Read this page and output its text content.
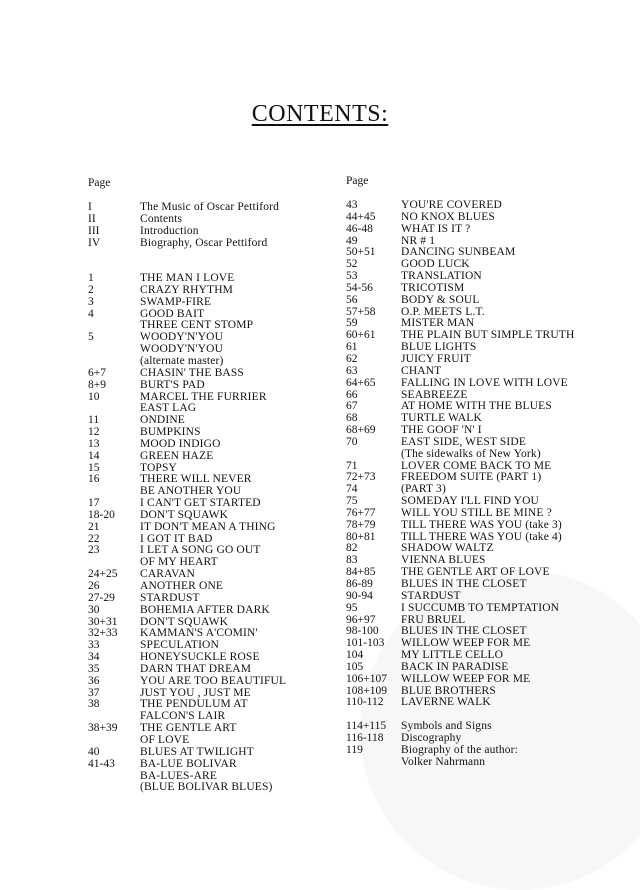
CONTENTS:
Page
I	The Music of Oscar Pettiford
II	Contents
III	Introduction
IV	Biography, Oscar Pettiford
1	THE MAN I LOVE
2	CRAZY RHYTHM
3	SWAMP-FIRE
4	GOOD BAIT
THREE CENT STOMP
5	WOODY'N'YOU
WOODY'N'YOU
(alternate master)
6+7	CHASIN' THE BASS
8+9	BURT'S PAD
10	MARCEL THE FURRIER
EAST LAG
11	ONDINE
12	BUMPKINS
13	MOOD INDIGO
14	GREEN HAZE
15	TOPSY
16	THERE WILL NEVER
BE ANOTHER YOU
17	I CAN'T GET STARTED
18-20	DON'T SQUAWK
21	IT DON'T MEAN A THING
22	I GOT IT BAD
23	I LET A SONG GO OUT
OF MY HEART
24+25	CARAVAN
26	ANOTHER ONE
27-29	STARDUST
30	BOHEMIA AFTER DARK
30+31	DON'T SQUAWK
32+33	KAMMAN'S A'COMIN'
33	SPECULATION
34	HONEYSUCKLE ROSE
35	DARN THAT DREAM
36	YOU ARE TOO BEAUTIFUL
37	JUST YOU , JUST ME
38	THE PENDULUM AT
FALCON'S LAIR
38+39	THE GENTLE ART
OF LOVE
40	BLUES AT TWILIGHT
41-43	BA-LUE BOLIVAR
BA-LUES-ARE
(BLUE BOLIVAR BLUES)
Page
43	YOU'RE COVERED
44+45	NO KNOX BLUES
46-48	WHAT IS IT ?
49	NR # 1
50+51	DANCING SUNBEAM
52	GOOD LUCK
53	TRANSLATION
54-56	TRICOTISM
56	BODY & SOUL
57+58	O.P. MEETS L.T.
59	MISTER MAN
60+61	THE PLAIN BUT SIMPLE TRUTH
61	BLUE LIGHTS
62	JUICY FRUIT
63	CHANT
64+65	FALLING IN LOVE WITH LOVE
66	SEABREEZE
67	AT HOME WITH THE BLUES
68	TURTLE WALK
68+69	THE GOOF 'N' I
70	EAST SIDE, WEST SIDE
(The sidewalks of New York)
71	LOVER COME BACK TO ME
72+73	FREEDOM SUITE (PART 1)
74	(PART 3)
75	SOMEDAY I'LL FIND YOU
76+77	WILL YOU STILL BE MINE ?
78+79	TILL THERE WAS YOU (take 3)
80+81	TILL THERE WAS YOU (take 4)
82	SHADOW WALTZ
83	VIENNA BLUES
84+85	THE GENTLE ART OF LOVE
86-89	BLUES IN THE CLOSET
90-94	STARDUST
95	I SUCCUMB TO TEMPTATION
96+97	FRU BRUEL
98-100	BLUES IN THE CLOSET
101-103	WILLOW WEEP FOR ME
104	MY LITTLE CELLO
105	BACK IN PARADISE
106+107	WILLOW WEEP FOR ME
108+109	BLUE BROTHERS
110-112	LAVERNE WALK
114+115	Symbols and Signs
116-118	Discography
119	Biography of the author:
Volker Nahrmann
